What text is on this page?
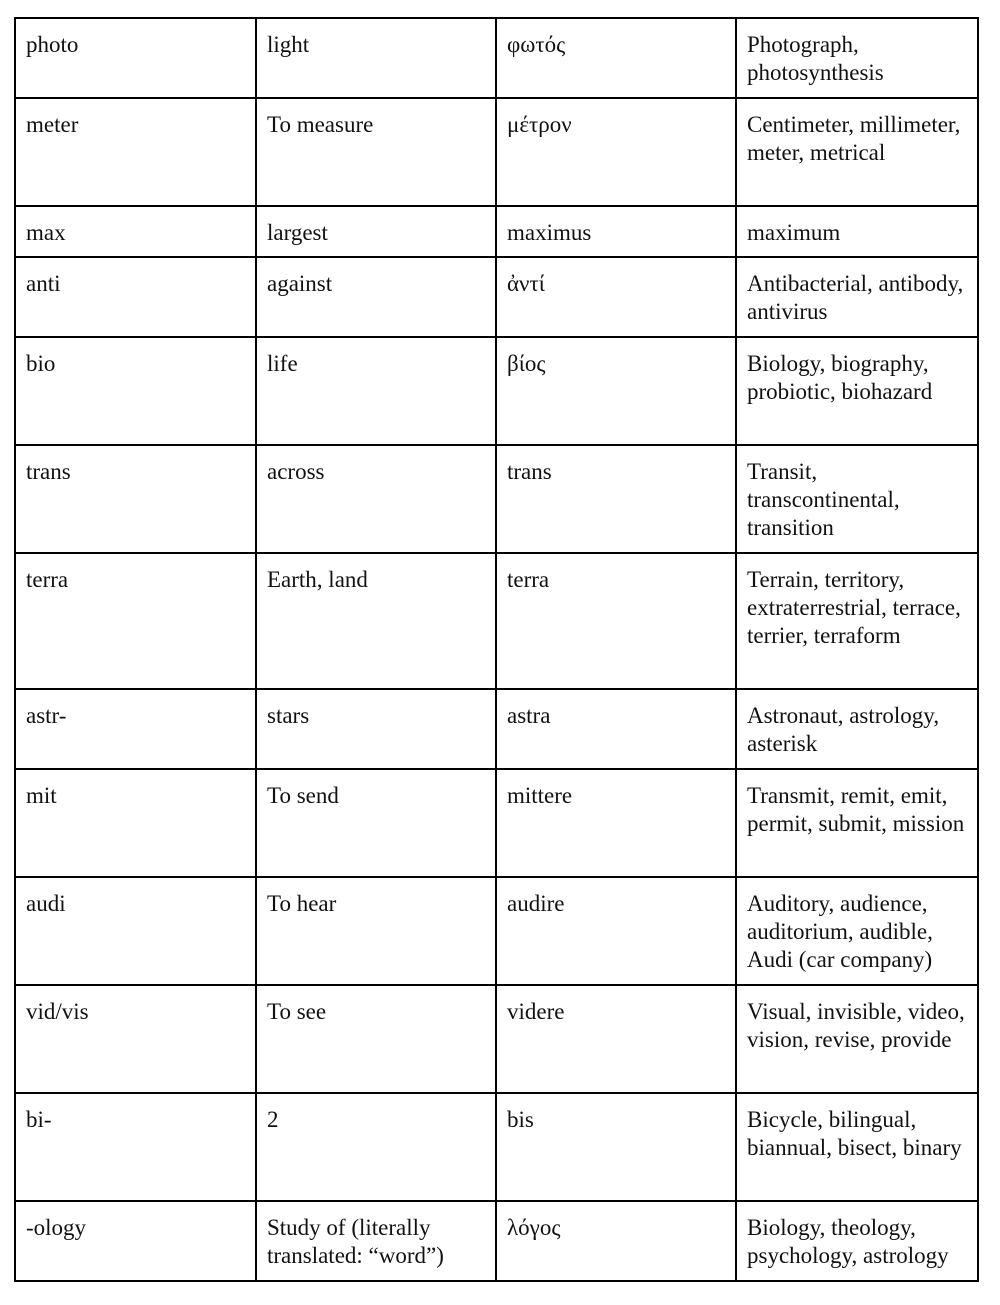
photo	light	φωτός	Photograph, photosynthesis
meter	To measure	μέτρον	Centimeter, millimeter, meter, metrical
max	largest	maximus	maximum
anti	against	ἀντί	Antibacterial, antibody, antivirus
bio	life	βίος	Biology, biography, probiotic, biohazard
trans	across	trans	Transit, transcontinental, transition
terra	Earth, land	terra	Terrain, territory, extraterrestrial, terrace, terrier, terraform
astr-	stars	astra	Astronaut, astrology, asterisk
mit	To send	mittere	Transmit, remit, emit, permit, submit, mission
audi	To hear	audire	Auditory, audience, auditorium, audible, Audi (car company)
vid/vis	To see	videre	Visual, invisible, video, vision, revise, provide
bi-	2	bis	Bicycle, bilingual, biannual, bisect, binary
-ology	Study of (literally translated: “word”)	λόγος	Biology, theology, psychology, astrology
